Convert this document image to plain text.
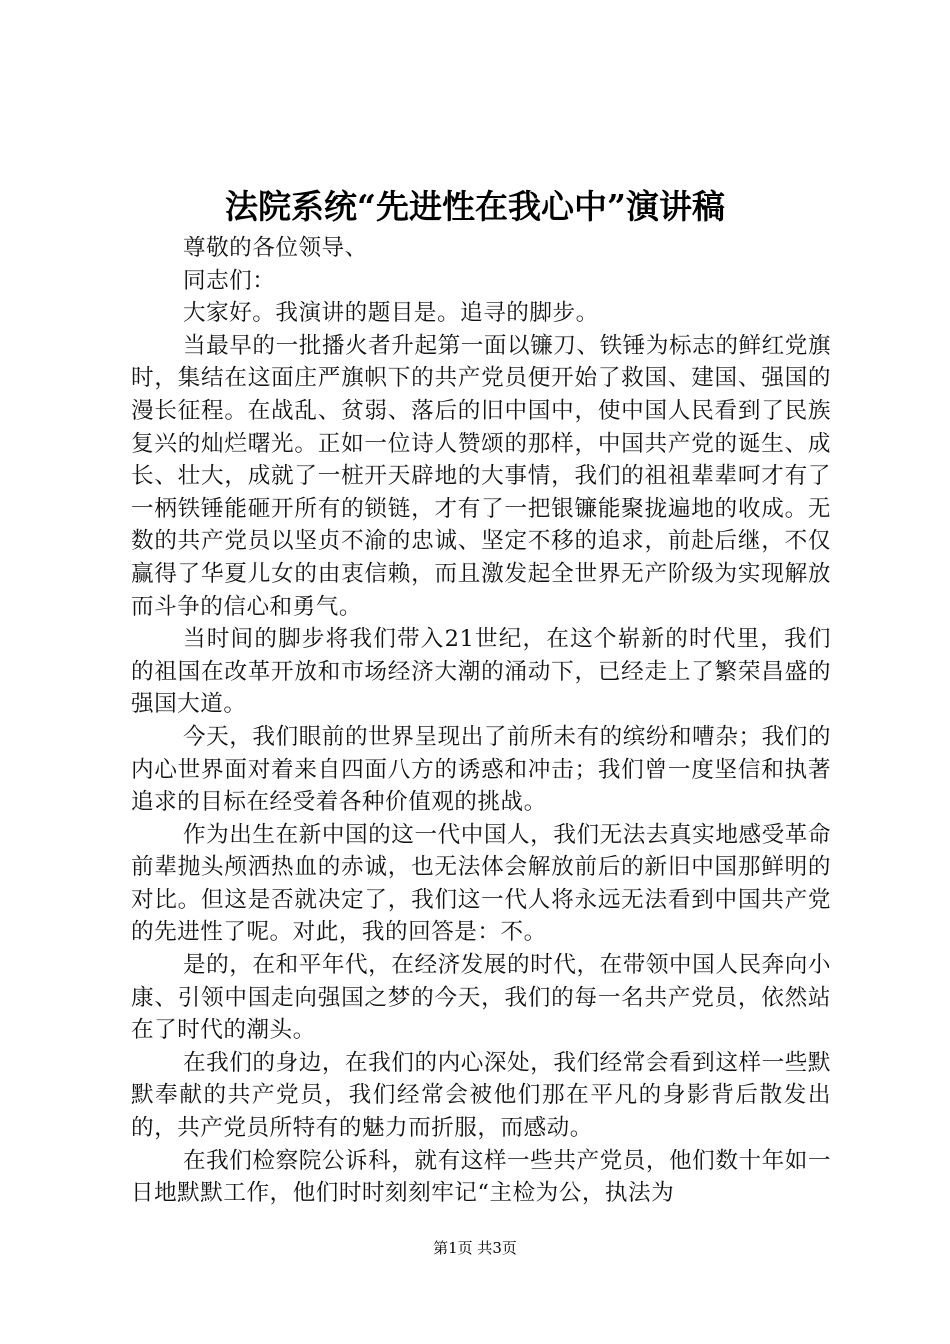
法院系统“先进性在我心中”演讲稿

尊敬的各位领导、

同志们：

大家好。我演讲的题目是。追寻的脚步。

当最早的一批播火者升起第一面以镰刀、铁锤为标志的鲜红党旗时，集结在这面庄严旗帜下的共产党员便开始了救国、建国、强国的漫长征程。在战乱、贫弱、落后的旧中国中，使中国人民看到了民族复兴的灿烂曙光。正如一位诗人赞颂的那样，中国共产党的诞生、成长、壮大，成就了一桩开天辟地的大事情，我们的祖祖辈辈呵才有了一柄铁锤能砸开所有的锁链，才有了一把银镰能聚拢遍地的收成。无数的共产党员以坚贞不渝的忠诚、坚定不移的追求，前赴后继，不仅赢得了华夏儿女的由衷信赖，而且激发起全世界无产阶级为实现解放而斗争的信心和勇气。

当时间的脚步将我们带入21世纪，在这个崭新的时代里，我们的祖国在改革开放和市场经济大潮的涌动下，已经走上了繁荣昌盛的强国大道。

今天，我们眼前的世界呈现出了前所未有的缤纷和嘈杂；我们的内心世界面对着来自四面八方的诱惑和冲击；我们曾一度坚信和执著追求的目标在经受着各种价值观的挑战。

作为出生在新中国的这一代中国人，我们无法去真实地感受革命前辈抛头颅洒热血的赤诚，也无法体会解放前后的新旧中国那鲜明的对比。但这是否就决定了，我们这一代人将永远无法看到中国共产党的先进性了呢。对此，我的回答是：不。

是的，在和平年代，在经济发展的时代，在带领中国人民奔向小康、引领中国走向强国之梦的今天，我们的每一名共产党员，依然站在了时代的潮头。

在我们的身边，在我们的内心深处，我们经常会看到这样一些默默奉献的共产党员，我们经常会被他们那在平凡的身影背后散发出的，共产党员所特有的魅力而折服，而感动。

在我们检察院公诉科，就有这样一些共产党员，他们数十年如一日地默默工作，他们时时刻刻牢记“主检为公，执法为

第1页 共3页
